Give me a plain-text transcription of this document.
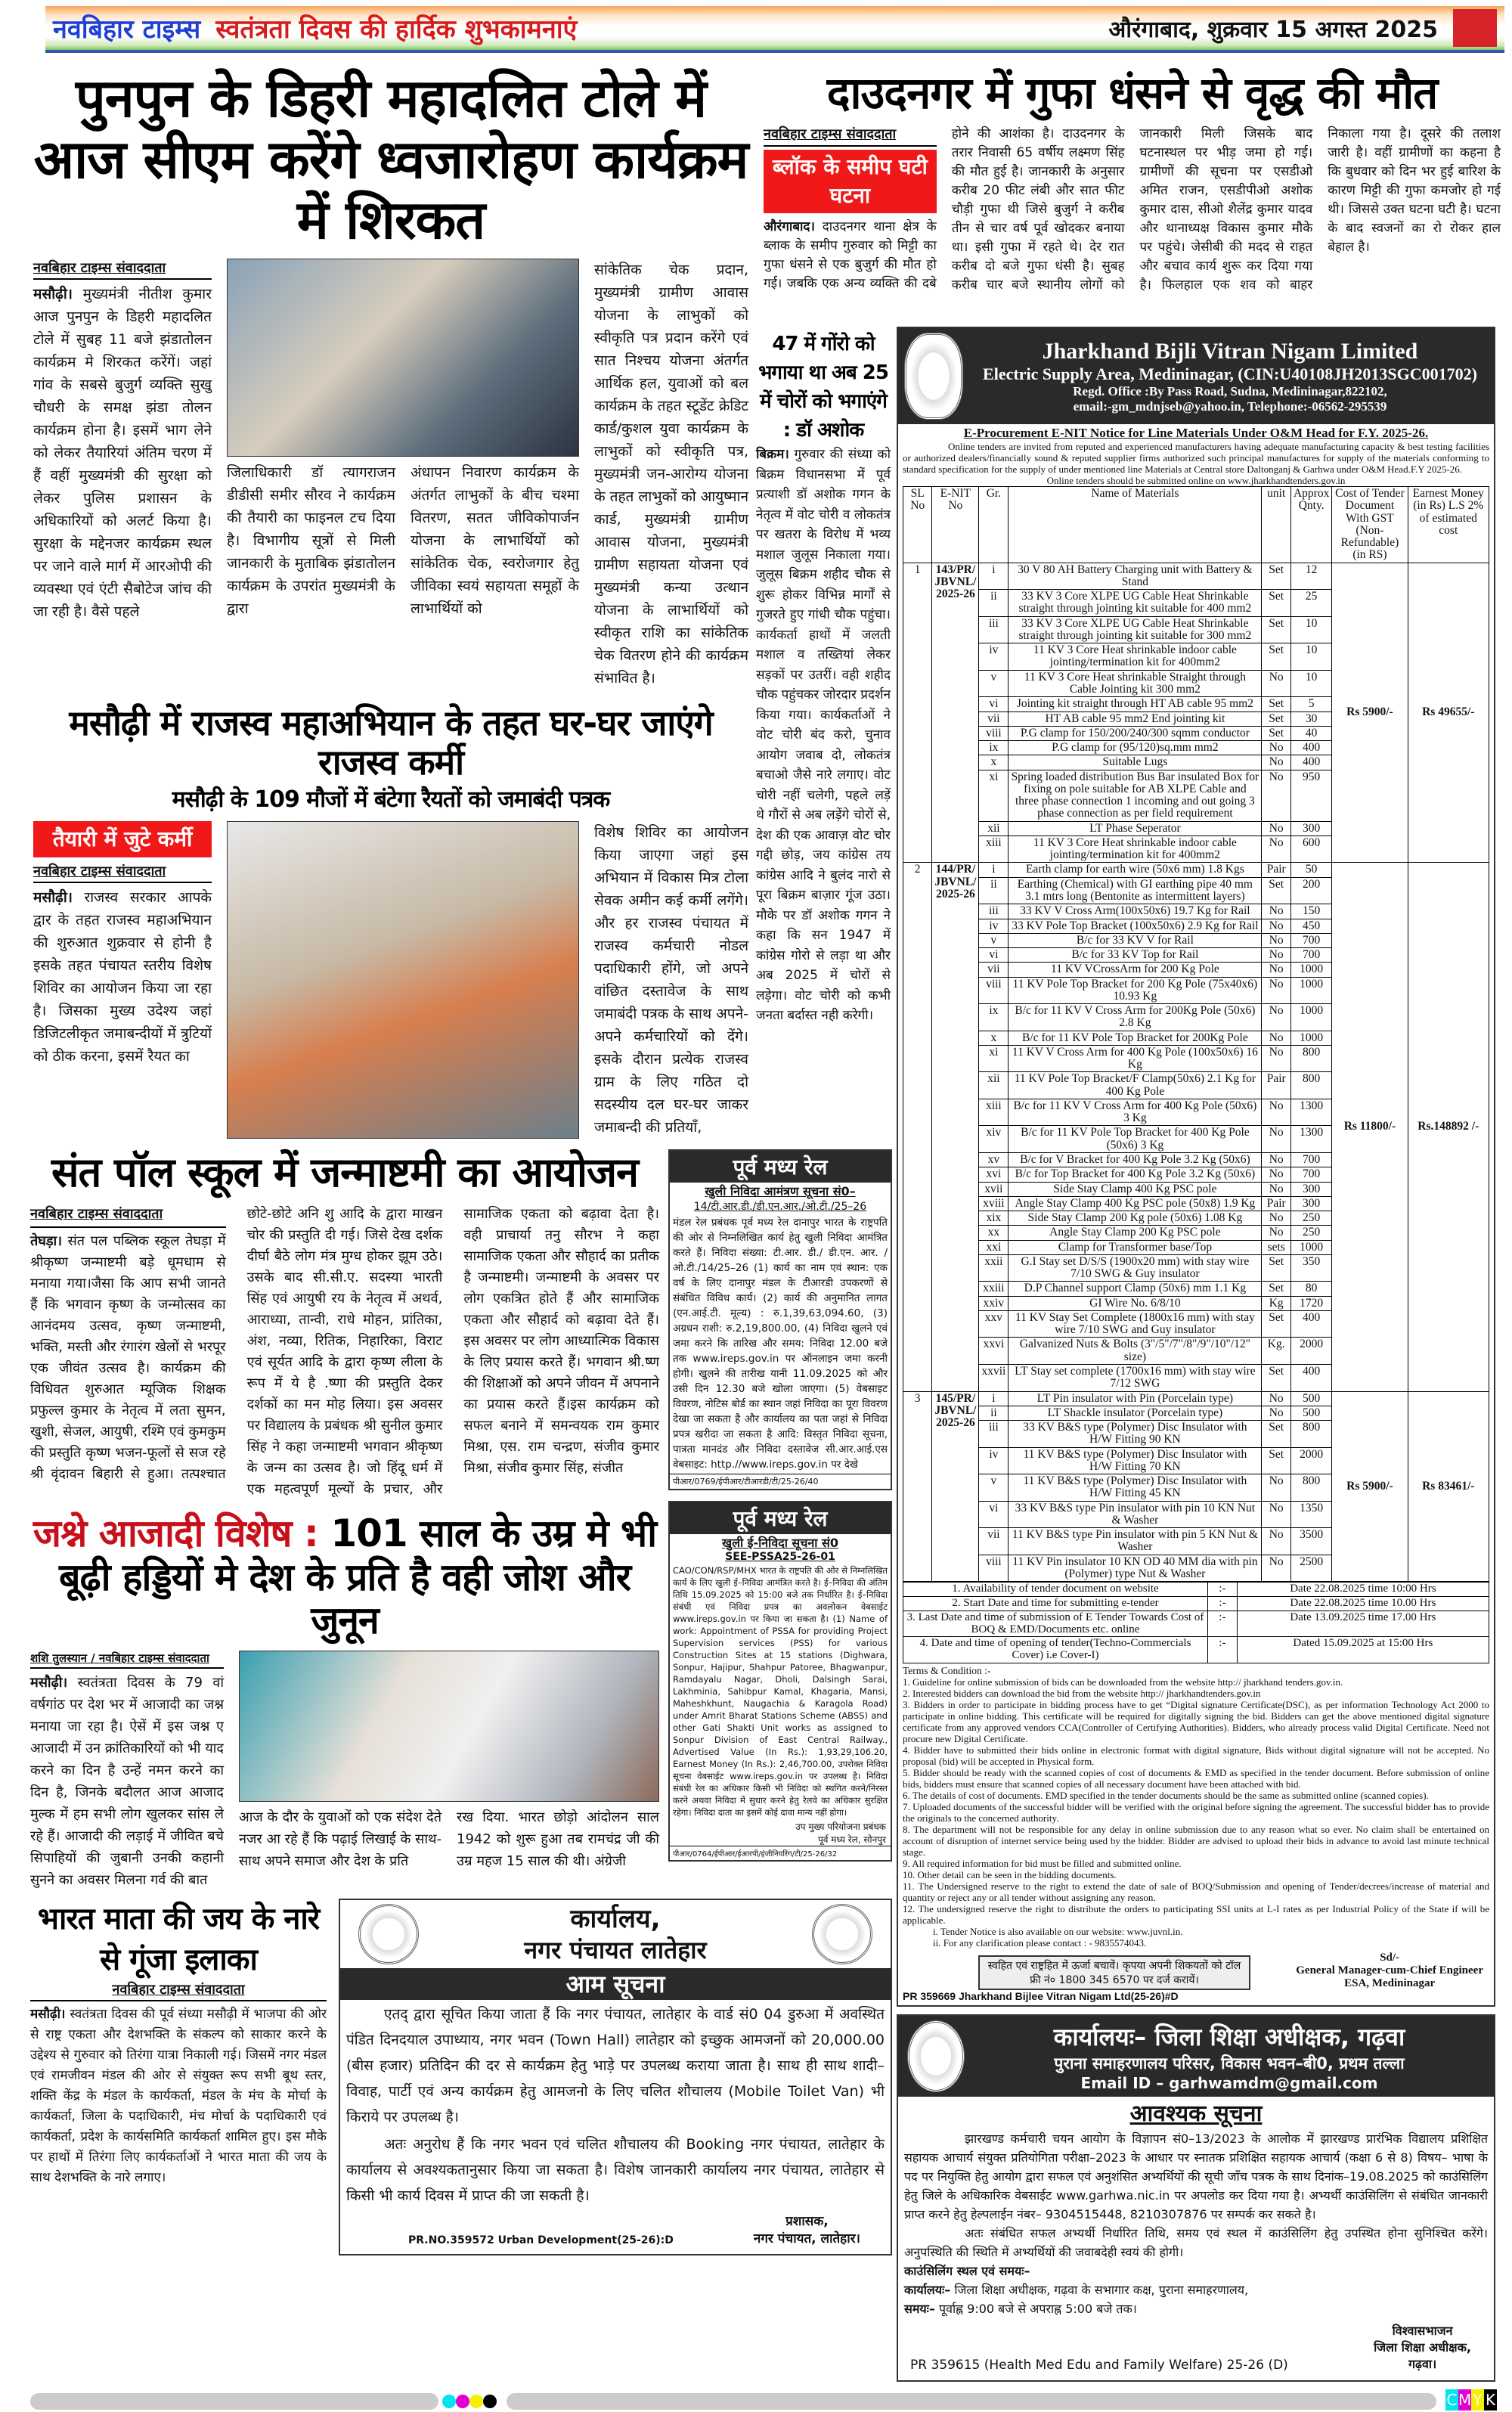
नवबिहार टाइम्स स्वतंत्रता दिवस की हार्दिक शुभकामनाएं	औरंगाबाद, शुक्रवार 15 अगस्त 2025
पुनपुन के डिहरी महादलित टोले में आज सीएम करेंगे ध्वजारोहण कार्यक्रम में शिरकत
नवबिहार टाइम्स संवाददाता
मसौढ़ी। मुख्यमंत्री नीतीश कुमार आज पुनपुन के डिहरी महादलित टोले में सुबह 11 बजे झंडातोलन कार्यक्रम मे शिरकत करेंगें। जहां गांव के सबसे बुजुर्ग व्यक्ति सुखु चौधरी के समक्ष झंडा तोलन कार्यक्रम होना है। इसमें भाग लेने को लेकर तैयारियां अंतिम चरण में हैं वहीं मुख्यमंत्री की सुरक्षा को लेकर पुलिस प्रशासन के अधिकारियों को अलर्ट किया है। सुरक्षा के मद्देनजर कार्यक्रम स्थल पर जाने वाले मार्ग में आरओपी की व्यवस्था एवं एंटी सैबोटेज जांच की जा रही है। वैसे पहले
जिलाधिकारी डॉ त्यागराजन डीडीसी समीर सौरव ने कार्यक्रम की तैयारी का फाइनल टच दिया है। विभागीय सूत्रों से मिली जानकारी के मुताबिक झंडातोलन कार्यक्रम के उपरांत मुख्यमंत्री के द्वारा
अंधापन निवारण कार्यक्रम के अंतर्गत लाभुकों के बीच चश्मा वितरण, सतत जीविकोपार्जन योजना के लाभार्थियों को सांकेतिक चेक, स्वरोजगार हेतु जीविका स्वयं सहायता समूहों के लाभार्थियों को
सांकेतिक चेक प्रदान, मुख्यमंत्री ग्रामीण आवास योजना के लाभुकों को स्वीकृति पत्र प्रदान करेंगे एवं सात निश्चय योजना अंतर्गत आर्थिक हल, युवाओं को बल कार्यक्रम के तहत स्टूडेंट क्रेडिट कार्ड/कुशल युवा कार्यक्रम के लाभुकों को स्वीकृति पत्र, मुख्यमंत्री जन-आरोग्य योजना के तहत लाभुकों को आयुष्मान कार्ड, मुख्यमंत्री ग्रामीण आवास योजना, मुख्यमंत्री ग्रामीण सहायता योजना एवं मुख्यमंत्री कन्या उत्थान योजना के लाभार्थियों को स्वीकृत राशि का सांकेतिक चेक वितरण होने की कार्यक्रम संभावित है।
मसौढ़ी में राजस्व महाअभियान के तहत घर-घर जाएंगे राजस्व कर्मी
मसौढ़ी के 109 मौजों में बंटेगा रैयतों को जमाबंदी पत्रक
तैयारी में जुटे कर्मी
नवबिहार टाइम्स संवाददाता
मसौढ़ी। राजस्व सरकार आपके द्वार के तहत राजस्व महाअभियान की शुरुआत शुक्रवार से होनी है इसके तहत पंचायत स्तरीय विशेष शिविर का आयोजन किया जा रहा है। जिसका मुख्य उदेश्य जहां डिजिटलीकृत जमाबन्दीयों में त्रुटियों को ठीक करना, इसमें रैयत का
विशेष शिविर का आयोजन किया जाएगा जहां इस अभियान में विकास मित्र टोला सेवक अमीन कई कर्मी लगेंगे। और हर राजस्व पंचायत में राजस्व कर्मचारी नोडल पदाधिकारी होंगे, जो अपने वांछित दस्तावेज के साथ जमाबंदी पत्रक के साथ अपने-अपने कर्मचारियों को देंगे। इसके दौरान प्रत्येक राजस्व ग्राम के लिए गठित दो सदस्यीय दल घर-घर जाकर जमाबन्दी की प्रतियाँ,
दाउदनगर में गुफा धंसने से वृद्ध की मौत
नवबिहार टाइम्स संवाददाता
ब्लॉक के समीप घटी घटना
औरंगाबाद। दाउदनगर थाना क्षेत्र के ब्लाक के समीप गुरुवार को मिट्टी का गुफा धंसने से एक बुजुर्ग की मौत हो गई। जबकि एक अन्य व्यक्ति की दबे होने की आशंका है। दाउदनगर के तरार निवासी 65 वर्षीय लक्ष्मण सिंह की मौत हुई है। जानकारी के अनुसार करीब 20 फीट लंबी और सात फीट चौड़ी गुफा थी जिसे बुजुर्ग ने करीब तीन से चार वर्ष पूर्व खोदकर बनाया था। इसी गुफा में रहते थे। देर रात करीब दो बजे गुफा धंसी है। सुबह करीब चार बजे स्थानीय लोगों को जानकारी मिली जिसके बाद घटनास्थल पर भीड़ जमा हो गई। ग्रामीणों की सूचना पर एसडीओ अमित राजन, एसडीपीओ अशोक कुमार दास, सीओ शैलेंद्र कुमार यादव और थानाध्यक्ष विकास कुमार मौके पर पहुंचे। जेसीबी की मदद से राहत और बचाव कार्य शुरू कर दिया गया है। फिलहाल एक शव को बाहर निकाला गया है। दूसरे की तलाश जारी है। वहीं ग्रामीणों का कहना है कि बुधवार को दिन भर हुई बारिश के कारण मिट्टी की गुफा कमजोर हो गई थी। जिससे उक्त घटना घटी है। घटना के बाद स्वजनों का रो रोकर हाल बेहाल है।
47 में गोंरो को भगाया था अब 25 में चोरों को भगाएंगे : डॉ अशोक
बिक्रम। गुरुवार की संध्या को बिक्रम विधानसभा में पूर्व प्रत्याशी डॉ अशोक गगन के नेतृत्व में वोट चोरी व लोकतंत्र पर खतरा के विरोध में भव्य मशाल जुलूस निकाला गया। जुलूस बिक्रम शहीद चौक से शुरू होकर विभिन्न मार्गों से गुजरते हुए गांधी चौक पहुंचा। कार्यकर्ता हाथों में जलती मशाल व तख्तियां लेकर सड़कों पर उतरीं। वही शहीद चौक पहुंचकर जोरदार प्रदर्शन किया गया। कार्यकर्ताओं ने वोट चोरी बंद करो, चुनाव आयोग जवाब दो, लोकतंत्र बचाओ जैसे नारे लगाए। वोट चोरी नहीं चलेगी, पहले लड़ें थे गौरों से अब लड़ेंगे चोरों से, देश की एक आवाज़ वोट चोर गद्दी छोड़, जय कांग्रेस तय कांग्रेस आदि ने बुलंद नारो से पूरा बिक्रम बाज़ार गूंज उठा। मौके पर डॉ अशोक गगन ने कहा कि सन 1947 में कांग्रेस गोरो से लड़ा था और अब 2025 में चोरों से लड़ेगा। वोट चोरी को कभी जनता बर्दास्त नही करेगी।
संत पॉल स्कूल में जन्माष्टमी का आयोजन
नवबिहार टाइम्स संवाददाता
तेघड़ा। संत पल पब्लिक स्कूल तेघड़ा में श्रीकृष्ण जन्माष्टमी बड़े धूमधाम से मनाया गया।जैसा कि आप सभी जानते हैं कि भगवान कृष्ण के जन्मोत्सव का आनंदमय उत्सव, कृष्ण जन्माष्टमी, भक्ति, मस्ती और रंगारंग खेलों से भरपूर एक जीवंत उत्सव है। कार्यक्रम की विधिवत शुरुआत म्यूजिक शिक्षक प्रफुल्ल कुमार के नेतृत्व में लता सुमन, खुशी, सेजल, आयुषी, रश्मि एवं कुमकुम की प्रस्तुति कृष्ण भजन-फूलों से सज रहे श्री वृंदावन बिहारी से हुआ। तत्पश्चात छोटे-छोटे अनि शु आदि के द्वारा माखन चोर की प्रस्तुति दी गई। जिसे देख दर्शक दीर्घा बैठे लोग मंत्र मुग्ध होकर झूम उठे। उसके बाद सी.सी.ए. सदस्या भारती सिंह एवं आयुषी रय के नेतृत्व में अथर्व, आराध्या, तान्वी, राधे मोहन, प्रांतिका, अंश, नव्या, रितिक, निहारिका, विराट एवं सूर्यत आदि के द्वारा कृष्ण लीला के रूप में ये है .ष्णा की प्रस्तुति देकर दर्शकों का मन मोह लिया। इस अवसर पर विद्यालय के प्रबंधक श्री सुनील कुमार सिंह ने कहा जन्माष्टमी भगवान श्रीकृष्ण के जन्म का उत्सव है। जो हिंदू धर्म में एक महत्वपूर्ण मूल्यों के प्रचार, और सामाजिक एकता को बढ़ावा देता है। वही प्राचार्या तनु सौरभ ने कहा सामाजिक एकता और सौहार्द का प्रतीक है जन्माष्टमी। जन्माष्टमी के अवसर पर लोग एकत्रित होते हैं और सामाजिक एकता और सौहार्द को बढ़ावा देते हैं। इस अवसर पर लोग आध्यात्मिक विकास के लिए प्रयास करते हैं। भगवान श्री.ष्ण की शिक्षाओं को अपने जीवन में अपनाने का प्रयास करते हैं।इस कार्यक्रम को सफल बनाने में समन्वयक राम कुमार मिश्रा, एस. राम चन्द्रण, संजीव कुमार मिश्रा, संजीव कुमार सिंह, संजीत
जश्ने आजादी विशेष : 101 साल के उम्र मे भी बूढ़ी हड्डियों मे देश के प्रति है वही जोश और जुनून
शशि तुलस्यान / नवबिहार टाइम्स संवाददाता
मसौढ़ी। स्वतंत्रता दिवस के 79 वां वर्षगांठ पर देश भर में आजादी का जश्न मनाया जा रहा है। ऐसें में इस जश्न ए आजादी में उन क्रांतिकारियों को भी याद करने का दिन है उन्हें नमन करने का दिन है, जिनके बदौलत आज आजाद मुल्क में हम सभी लोग खुलकर सांस ले रहे हैं। आजादी की लड़ाई में जीवित बचे सिपाहियों की जुबानी उनकी कहानी सुनने का अवसर मिलना गर्व की बात
आज के दौर के युवाओं को एक संदेश देते नजर आ रहे हैं कि पढ़ाई लिखाई के साथ-साथ अपने समाज और देश के प्रति
रख दिया. भारत छोड़ो आंदोलन साल 1942 को शुरू हुआ तब रामचंद्र जी की उम्र महज 15 साल की थी। अंग्रेजी
पूर्व मध्य रेल
खुली निविदा आमंत्रण सूचना सं0–
14/टी.आर.डी./डी.एन.आर./ओ.टी./25–26
मंडल रेल प्रबंधक पूर्व मध्य रेल दानापुर भारत के राष्ट्रपति की ओर से निम्नलिखित कार्य हेतु खुली निविदा आमंत्रित करते हैं। निविदा संख्या: टी.आर. डी./ डी.एन. आर. / ओ.टी./14/25–26 (1) कार्य का नाम एवं स्थान: एक वर्ष के लिए दानापुर मंडल के टीआरडी उपकरणों से संबंधित विविध कार्य। (2) कार्य की अनुमानित लागत (एन.आई.टी. मूल्य) : रु.1,39,63,094.60, (3) अग्रधन राशी: रु.2,19,800.00, (4) निविदा खुलने एवं जमा करने कि तारिख और समय: निविदा 12.00 बजे तक www.ireps.gov.in पर ऑनलाइन जमा करनी होगी। खुलने की तारीख यानी 11.09.2025 को और उसी दिन 12.30 बजे खोला जाएगा। (5) वेबसाइट विवरण, नोटिस बोर्ड का स्थान जहां निविदा का पूरा विवरण देखा जा सकता है और कार्यालय का पता जहां से निविदा प्रपत्र खरीदा जा सकता है आदि: विस्तृत निविदा सूचना, पात्रता मानदंड और निविदा दस्तावेज सी.आर.आई.एस वेबसाइट: http.//www.ireps.gov.in पर देखे
पीआर/0769/ईपीआर/टीआरडी/टी/25-26/40
पूर्व मध्य रेल
खुली ई-निविदा सूचना सं0
SEE-PSSA25-26-01
CAO/CON/RSP/MHX भारत के राष्ट्रपति की ओर से निम्नलिखित कार्य के लिए खुली ई–निविदा आमंत्रित करते है। ई–निविदा की अंतिम तिथि 15.09.2025 को 15:00 बजे तक निर्धारित है। ई–निविदा संबंधी एवं निविदा प्रपत्र का अवलोकन वेबसाईट www.ireps.gov.in पर किया जा सकता है। (1) Name of work: Appointment of PSSA for providing Project Supervision services (PSS) for various Construction Sites at 15 stations (Dighwara, Sonpur, Hajipur, Shahpur Patoree, Bhagwanpur, Ramdayalu Nagar, Dholi, Dalsingh Sarai, Lakhminia, Sahibpur Kamal, Khagaria, Mansi, Maheshkhunt, Naugachia & Karagola Road) under Amrit Bharat Stations Scheme (ABSS) and other Gati Shakti Unit works as assigned to Sonpur Division of East Central Railway., Advertised Value (In Rs.): 1,93,29,106.20, Earnest Money (In Rs.): 2,46,700.00, उपरोक्त निविदा सूचना वेबसाईट www.ireps.gov.in पर उपलब्ध है। निविदा संबंधी रेल का अधिकार किसी भी निविदा को स्थगित करने/निरस्त करने अथवा निविदा में सुधार करने हेतु रेलवे का अधिकार सुरक्षित रहेगा। निविदा दाता का इसमें कोई दावा मान्य नहीं होगा।
उप मुख्य परियोजना प्रबंधक
पूर्व मध्य रेल, सोनपुर
पीआर/0764/ईपीआर/ईआरपी/इंजीनियरिंग/टी/25-26/32
भारत माता की जय के नारे से गूंजा इलाका
नवबिहार टाइम्स संवाददाता
मसौढ़ी। स्वतंत्रता दिवस की पूर्व संध्या मसौढ़ी में भाजपा की ओर से राष्ट्र एकता और देशभक्ति के संकल्प को साकार करने के उद्देश्य से गुरुवार को तिरंगा यात्रा निकाली गई। जिसमें नगर मंडल एवं रामजीवन मंडल की ओर से संयुक्त रूप सभी बूथ स्तर, शक्ति केंद्र के मंडल के कार्यकर्ता, मंडल के मंच के मोर्चा के कार्यकर्ता, जिला के पदाधिकारी, मंच मोर्चा के पदाधिकारी एवं कार्यकर्ता, प्रदेश के कार्यसमिति कार्यकर्ता शामिल हुए। इस मौके पर हाथों में तिरंगा लिए कार्यकर्ताओं ने भारत माता की जय के साथ देशभक्ति के नारे लगाए।
कार्यालय,
नगर पंचायत लातेहार
आम सूचना
एतद् द्वारा सूचित किया जाता हैं कि नगर पंचायत, लातेहार के वार्ड सं0 04 डुरुआ में अवस्थित पंडित दिनदयाल उपाध्याय, नगर भवन (Town Hall) लातेहार को इच्छुक आमजनों को 20,000.00 (बीस हजार) प्रतिदिन की दर से कार्यक्रम हेतु भाड़े पर उपलब्ध कराया जाता है। साथ ही साथ शादी–विवाह, पार्टी एवं अन्य कार्यक्रम हेतु आमजनो के लिए चलित शौचालय (Mobile Toilet Van) भी किराये पर उपलब्ध है।
अतः अनुरोध हैं कि नगर भवन एवं चलित शौचालय की Booking नगर पंचायत, लातेहार के कार्यालय से अवश्यकतानुसार किया जा सकता है। विशेष जानकारी कार्यालय नगर पंचायत, लातेहार से किसी भी कार्य दिवस में प्राप्त की जा सकती है।
PR.NO.359572 Urban Development(25-26):D
प्रशासक,
नगर पंचायत, लातेहार।
Jharkhand Bijli Vitran Nigam Limited
Electric Supply Area, Medininagar, (CIN:U40108JH2013SGC001702)
Regd. Office :By Pass Road, Sudna, Medininagar,822102,
email:-gm_mdnjseb@yahoo.in, Telephone:-06562-295539
E-Procurement E-NIT Notice for Line Materials Under O&M Head for F.Y. 2025-26.
Online tenders are invited from reputed and experienced manufacturers having adequate manufacturing capacity & best testing facilities or authorized dealers/financially sound & reputed supplier firms authorized such principal manufactures for supply of the materials conforming to standard specification for the supply of under mentioned line Materials at Central store Daltonganj & Garhwa under O&M Head.F.Y 2025-26.
Online tenders should be submitted online on www.jharkhandtenders.gov.in
SL No	E-NIT No	Gr.	Name of Materials	unit	Approx Qnty.	Cost of Tender Document With GST (Non-Refundable) (in RS)	Earnest Money (in Rs) L.S 2% of estimated cost
1	143/PR/ JBVNL/ 2025-26	i	30 V 80 AH Battery Charging unit with Battery & Stand	Set	12	Rs 5900/-	Rs 49655/-
		ii	33 KV 3 Core XLPE UG Cable Heat Shrinkable straight through jointing kit suitable for 400 mm2	Set	25		
		iii	33 KV 3 Core XLPE UG Cable Heat Shrinkable straight through jointing kit suitable for 300 mm2	Set	10		
		iv	11 KV 3 Core Heat shrinkable indoor cable jointing/termination kit for 400mm2	Set	10		
		v	11 KV 3 Core Heat shrinkable Straight through Cable Jointing kit 300 mm2	No	10		
		vi	Jointing kit straight through HT AB cable 95 mm2	Set	5		
		vii	HT AB cable 95 mm2 End jointing kit	Set	30		
		viii	P.G clamp for 150/200/240/300 sqmm conductor	Set	40		
		ix	P.G clamp for (95/120)sq.mm mm2	No	400		
		x	Suitable Lugs	No	400		
		xi	Spring loaded distribution Bus Bar insulated Box for fixing on pole suitable for AB XLPE Cable and three phase connection 1 incoming and out going 3 phase connection as per field requirement	No	950		
		xii	LT Phase Seperator	No	300		
		xiii	11 KV 3 Core Heat shrinkable indoor cable jointing/termination kit for 400mm2	No	600		
2	144/PR/ JBVNL/ 2025-26	i	Earth clamp for earth wire (50x6 mm) 1.8 Kgs	Pair	50	Rs 11800/-	Rs.148892 /-
		ii	Earthing (Chemical) with GI earthing pipe 40 mm 3.1 mtrs long (Bentonite as intermittent layers)	Set	200		
		iii	33 KV V Cross Arm(100x50x6) 19.7 Kg for Rail	No	150		
		iv	33 KV Pole Top Bracket (100x50x6) 2.9 Kg for Rail	No	450		
		v	B/c for 33 KV V for Rail	No	700		
		vi	B/c for 33 KV Top for Rail	No	700		
		vii	11 KV VCrossArm for 200 Kg Pole	No	1000		
		viii	11 KV Pole Top Bracket for 200 Kg Pole (75x40x6) 10.93 Kg	No	1000		
		ix	B/c for 11 KV V Cross Arm for 200Kg Pole (50x6) 2.8 Kg	No	1000		
		x	B/c for 11 KV Pole Top Bracket for 200Kg Pole	No	1000		
		xi	11 KV V Cross Arm for 400 Kg Pole (100x50x6) 16 Kg	No	800		
		xii	11 KV Pole Top Bracket/F Clamp(50x6) 2.1 Kg for 400 Kg Pole	Pair	800		
		xiii	B/c for 11 KV V Cross Arm for 400 Kg Pole (50x6) 3 Kg	No	1300		
		xiv	B/c for 11 KV Pole Top Bracket for 400 Kg Pole (50x6) 3 Kg	No	1300		
		xv	B/c for V Bracket for 400 Kg Pole 3.2 Kg (50x6)	No	700		
		xvi	B/c for Top Bracket for 400 Kg Pole 3.2 Kg (50x6)	No	700		
		xvii	Side Stay Clamp 400 Kg PSC pole	No	300		
		xviii	Angle Stay Clamp 400 Kg PSC pole (50x8) 1.9 Kg	Pair	300		
		xix	Side Stay Clamp 200 Kg pole (50x6) 1.08 Kg	No	250		
		xx	Angle Stay Clamp 200 Kg PSC pole	No	250		
		xxi	Clamp for Transformer base/Top	sets	1000		
		xxii	G.I Stay set D/S/S (1900x20 mm) with stay wire 7/10 SWG & Guy insulator	Set	350		
		xxiii	D.P Channel support Clamp (50x6) mm 1.1 Kg	Set	80		
		xxiv	GI Wire No. 6/8/10	Kg	1720		
		xxv	11 KV Stay Set Complete (1800x16 mm) with stay wire 7/10 SWG and Guy insulator	Set	400		
		xxvi	Galvanized Nuts & Bolts (3"/5"/7"/8"/9"/10"/12" size)	Kg.	2000		
		xxvii	LT Stay set complete (1700x16 mm) with stay wire 7/12 SWG	Set	400		
3	145/PR/ JBVNL/ 2025-26	i	LT Pin insulator with Pin (Porcelain type)	No	500	Rs 5900/-	Rs 83461/-
		ii	LT Shackle insulator (Porcelain type)	No	500		
		iii	33 KV B&S type (Polymer) Disc Insulator with H/W Fitting 90 KN	Set	800		
		iv	11 KV B&S type (Polymer) Disc Insulator with H/W Fitting 70 KN	Set	2000		
		v	11 KV B&S type (Polymer) Disc Insulator with H/W Fitting 45 KN	No	800		
		vi	33 KV B&S type Pin insulator with pin 10 KN Nut & Washer	No	1350		
		vii	11 KV B&S type Pin insulator with pin 5 KN Nut & Washer	No	3500		
		viii	11 KV Pin insulator 10 KN OD 40 MM dia with pin (Polymer) type Nut & Washer	No	2500		
1. Availability of tender document on website	:-	Date 22.08.2025 time 10:00 Hrs
2. Start Date and time for submitting e-tender	:-	Date 22.08.2025 time 10.00 Hrs
3. Last Date and time of submission of E Tender Towards Cost of BOQ & EMD/Documents etc. online	:-	Date 13.09.2025 time 17.00 Hrs
4. Date and time of opening of tender(Techno-Commercials Cover) i.e Cover-I)	:-	Dated 15.09.2025 at 15:00 Hrs
Terms & Condition :-
1. Guideline for online submission of bids can be downloaded from the website http:// jharkhand tenders.gov.in.
2. Interested bidders can download the bid from the website http:// jharkhandtenders.gov.in
3. Bidders in order to participate in bidding process have to get “Digital signature Certificate(DSC), as per information Technology Act 2000 to participate in online bidding. This certificate will be required for digitally signing the bid. Bidders can get the above mentioned digital signature certificate from any approved vendors CCA(Controller of Certifying Authorities). Bidders, who already process valid Digital Certificate. Need not procure new Digital Certificate.
4. Bidder have to submitted their bids online in electronic format with digital signature, Bids without digital signature will not be accepted. No proposal (bid) will be accepted in Physical form.
5. Bidder should be ready with the scanned copies of cost of documents & EMD as specified in the tender document. Before submission of online bids, bidders must ensure that scanned copies of all necessary document have been attached with bid.
6. The details of cost of documents. EMD specified in the tender documents should be the same as submitted online (scanned copies).
7. Uploaded documents of the successful bidder will be verified with the original before signing the agreement. The successful bidder has to provide the originals to the concerned authority.
8. The department will not be responsible for any delay in online submission due to any reason what so ever. No claim shall be entertained on account of disruption of internet service being used by the bidder. Bidder are advised to upload their bids in advance to avoid last minute technical stage.
9. All required information for bid must be filled and submitted online.
10. Other detail can be seen in the bidding documents.
11. The Undersigned reserve to the right to extend the date of sale of BOQ/Submission and opening of Tender/decrees/increase of material and quantity or reject any or all tender without assigning any reason.
12. The undersigned reserve the right to distribute the orders to participating SSI units at L-I rates as per Industrial Policy of the State if will be applicable.
i. Tender Notice is also available on our website: www.juvnl.in.
ii. For any clarification please contact : - 9835574043.
स्वहित एवं राष्ट्रहित में ऊर्जा बचावें। कृपया अपनी शिकयतों को टॉल फ्री नं० 1800 345 6570 पर दर्ज करायें।
Sd/-
General Manager-cum-Chief Engineer
ESA, Medininagar
PR 359669 Jharkhand Bijlee Vitran Nigam Ltd(25-26)#D
कार्यालयः– जिला शिक्षा अधीक्षक, गढ़वा
पुराना समाहरणालय परिसर, विकास भवन–बी0, प्रथम तल्ला
Email ID – garhwamdm@gmail.com
आवश्यक सूचना
झारखण्ड कर्मचारी चयन आयोग के विज्ञापन सं0–13/2023 के आलोक में झारखण्ड प्रारंभिक विद्यालय प्रशिक्षित सहायक आचार्य संयुक्त प्रतियोगिता परीक्षा–2023 के आधार पर स्नातक प्रशिक्षित सहायक आचार्य (कक्षा 6 से 8) विषय– भाषा के पद पर नियुक्ति हेतु आयोग द्वारा सफल एवं अनुशंसित अभ्यर्थियों की सूची जाँच पत्रक के साथ दिनांक–19.08.2025 को काउंसिलिंग हेतु जिले के अधिकारिक वेबसाईट www.garhwa.nic.in पर अपलोड कर दिया गया है। अभ्यर्थी काउंसिलिंग से संबंधित जानकारी प्राप्त करने हेतु हेल्पलाईन नंबर– 9304515448, 8210307876 पर सम्पर्क कर सकते है।
अतः संबंधित सफल अभ्यर्थी निर्धारित तिथि, समय एवं स्थल में काउंसिलिंग हेतु उपस्थित होना सुनिश्चित करेंगे। अनुपस्थिति की स्थिति में अभ्यर्थियों की जवाबदेही स्वयं की होगी।
काउंसिलिंग स्थल एवं समयः–
कार्यालयः– जिला शिक्षा अधीक्षक, गढ़वा के सभागार कक्ष, पुराना समाहरणालय,
समयः– पूर्वाह्न 9:00 बजे से अपराह्न 5:00 बजे तक।
PR 359615 (Health Med Edu and Family Welfare) 25-26 (D)
विश्वासभाजन
जिला शिक्षा अधीक्षक,
गढ़वा।
C M Y K
